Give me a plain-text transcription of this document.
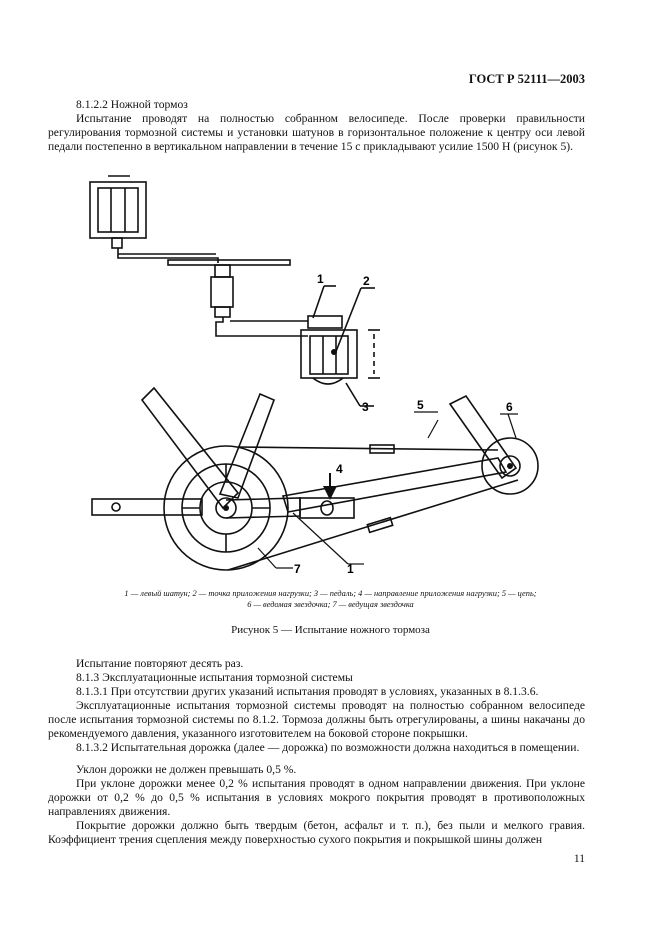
ГОСТ Р 52111—2003
8.1.2.2 Ножной тормоз
Испытание проводят на полностью собранном велосипеде. После проверки правильности регулирования тормозной системы и установки шатунов в горизонтальное положение к центру оси левой педали постепенно в вертикальном направлении в течение 15 с прикладывают усилие 1500 Н (рисунок 5).
1	2
3
4
5	6
7	1
1 — левый шатун; 2 — точка приложения нагрузки; 3 — педаль; 4 — направление приложения нагрузки; 5 — цепь;
6 — ведомая звездочка; 7 — ведущая звездочка
Рисунок 5 — Испытание ножного тормоза
Испытание повторяют десять раз.
8.1.3 Эксплуатационные испытания тормозной системы
8.1.3.1 При отсутствии других указаний испытания проводят в условиях, указанных в 8.1.3.6.
Эксплуатационные испытания тормозной системы проводят на полностью собранном велосипеде после испытания тормозной системы по 8.1.2. Тормоза должны быть отрегулированы, а шины накачаны до рекомендуемого давления, указанного изготовителем на боковой стороне покрышки.
8.1.3.2 Испытательная дорожка (далее — дорожка) по возможности должна находиться в помещении.
Уклон дорожки не должен превышать 0,5 %.
При уклоне дорожки менее 0,2 % испытания проводят в одном направлении движения. При уклоне дорожки от 0,2 % до 0,5 % испытания в условиях мокрого покрытия проводят в противоположных направлениях движения.
Покрытие дорожки должно быть твердым (бетон, асфальт и т. п.), без пыли и мелкого гравия. Коэффициент трения сцепления между поверхностью сухого покрытия и покрышкой шины должен
11
